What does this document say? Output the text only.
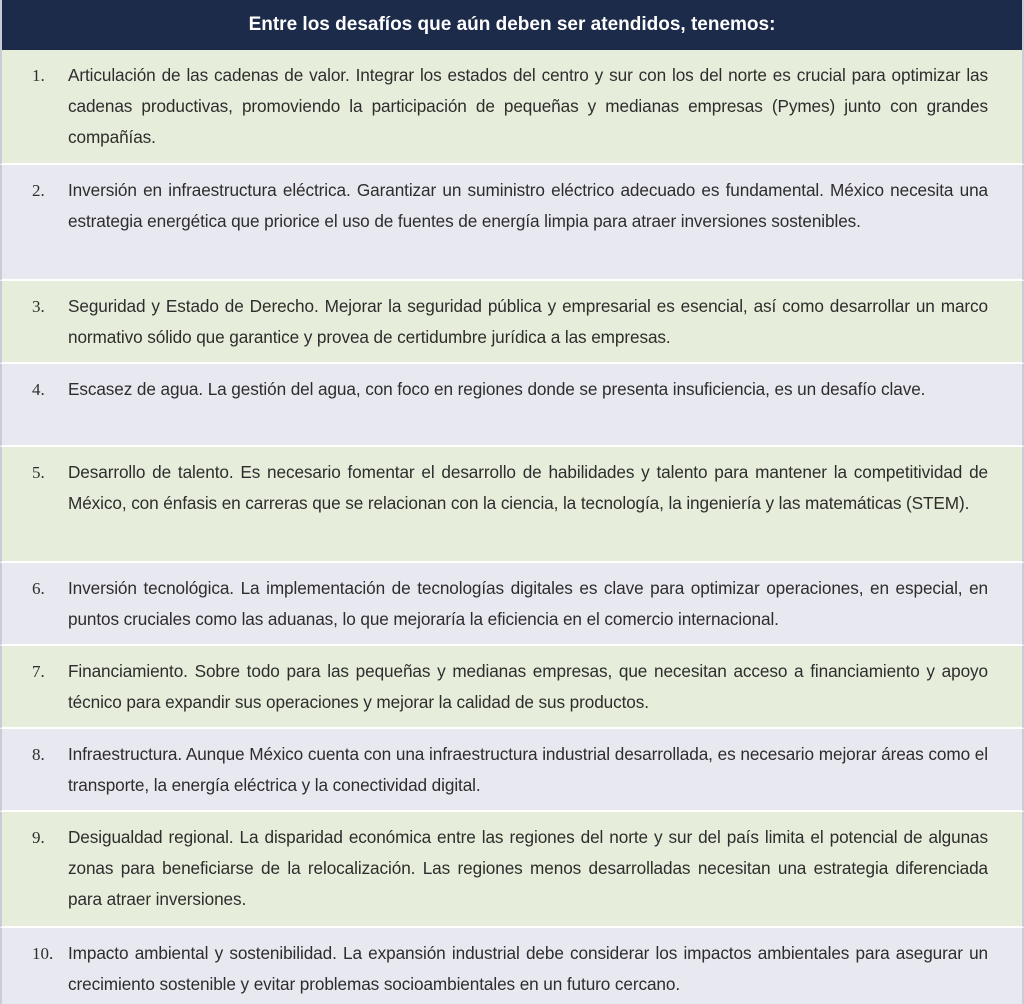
Entre los desafíos que aún deben ser atendidos, tenemos:
1.	Articulación de las cadenas de valor. Integrar los estados del centro y sur con los del norte es crucial para optimizar las cadenas productivas, promoviendo la participación de pequeñas y medianas empresas (Pymes) junto con grandes compañías.
2.	Inversión en infraestructura eléctrica. Garantizar un suministro eléctrico adecuado es fundamental. México necesita una estrategia energética que priorice el uso de fuentes de energía limpia para atraer inversiones sostenibles.
3.	Seguridad y Estado de Derecho. Mejorar la seguridad pública y empresarial es esencial, así como desarrollar un marco normativo sólido que garantice y provea de certidumbre jurídica a las empresas.
4.	Escasez de agua. La gestión del agua, con foco en regiones donde se presenta insuficiencia, es un desafío clave.
5.	Desarrollo de talento. Es necesario fomentar el desarrollo de habilidades y talento para mantener la competitividad de México, con énfasis en carreras que se relacionan con la ciencia, la tecnología, la ingeniería y las matemáticas (STEM).
6.	Inversión tecnológica. La implementación de tecnologías digitales es clave para optimizar operaciones, en especial, en puntos cruciales como las aduanas, lo que mejoraría la eficiencia en el comercio internacional.
7.	Financiamiento. Sobre todo para las pequeñas y medianas empresas, que necesitan acceso a financiamiento y apoyo técnico para expandir sus operaciones y mejorar la calidad de sus productos.
8.	Infraestructura. Aunque México cuenta con una infraestructura industrial desarrollada, es necesario mejorar áreas como el transporte, la energía eléctrica y la conectividad digital.
9.	Desigualdad regional. La disparidad económica entre las regiones del norte y sur del país limita el potencial de algunas zonas para beneficiarse de la relocalización. Las regiones menos desarrolladas necesitan una estrategia diferenciada para atraer inversiones.
10. Impacto ambiental y sostenibilidad. La expansión industrial debe considerar los impactos ambientales para asegurar un crecimiento sostenible y evitar problemas socioambientales en un futuro cercano.
